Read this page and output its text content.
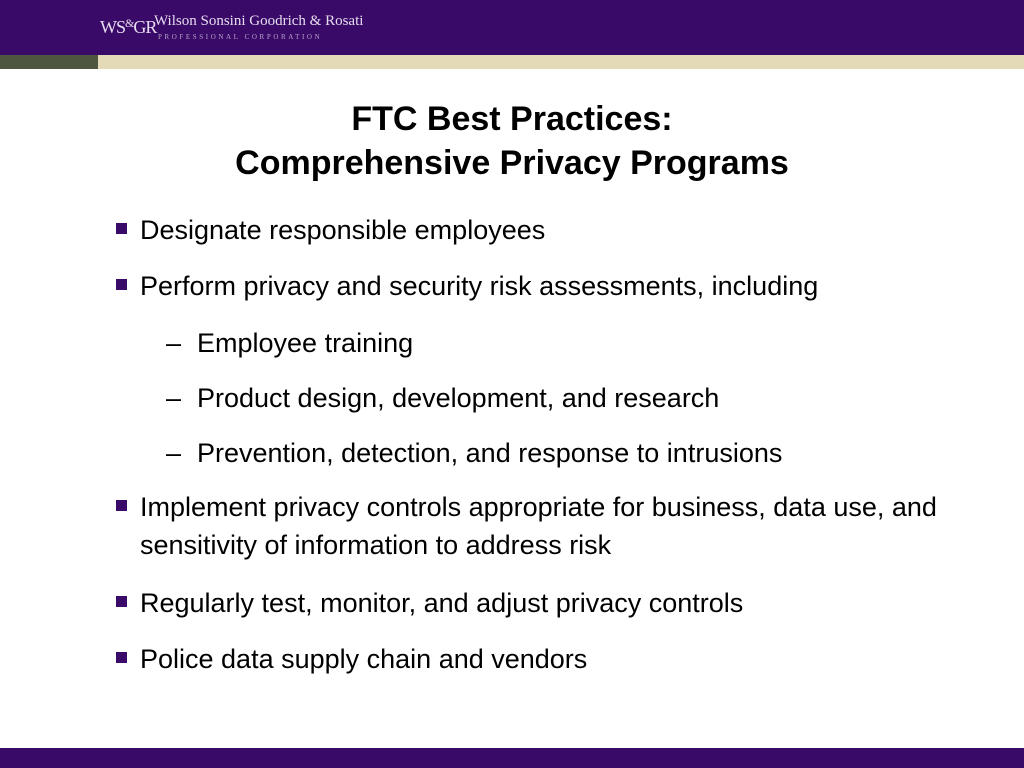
WS&GR
Wilson Sonsini Goodrich & Rosati
PROFESSIONAL CORPORATION
FTC Best Practices:
Comprehensive Privacy Programs
Designate responsible employees
Perform privacy and security risk assessments, including
– Employee training
– Product design, development, and research
– Prevention, detection, and response to intrusions
Implement privacy controls appropriate for business, data use, and sensitivity of information to address risk
Regularly test, monitor, and adjust privacy controls
Police data supply chain and vendors
